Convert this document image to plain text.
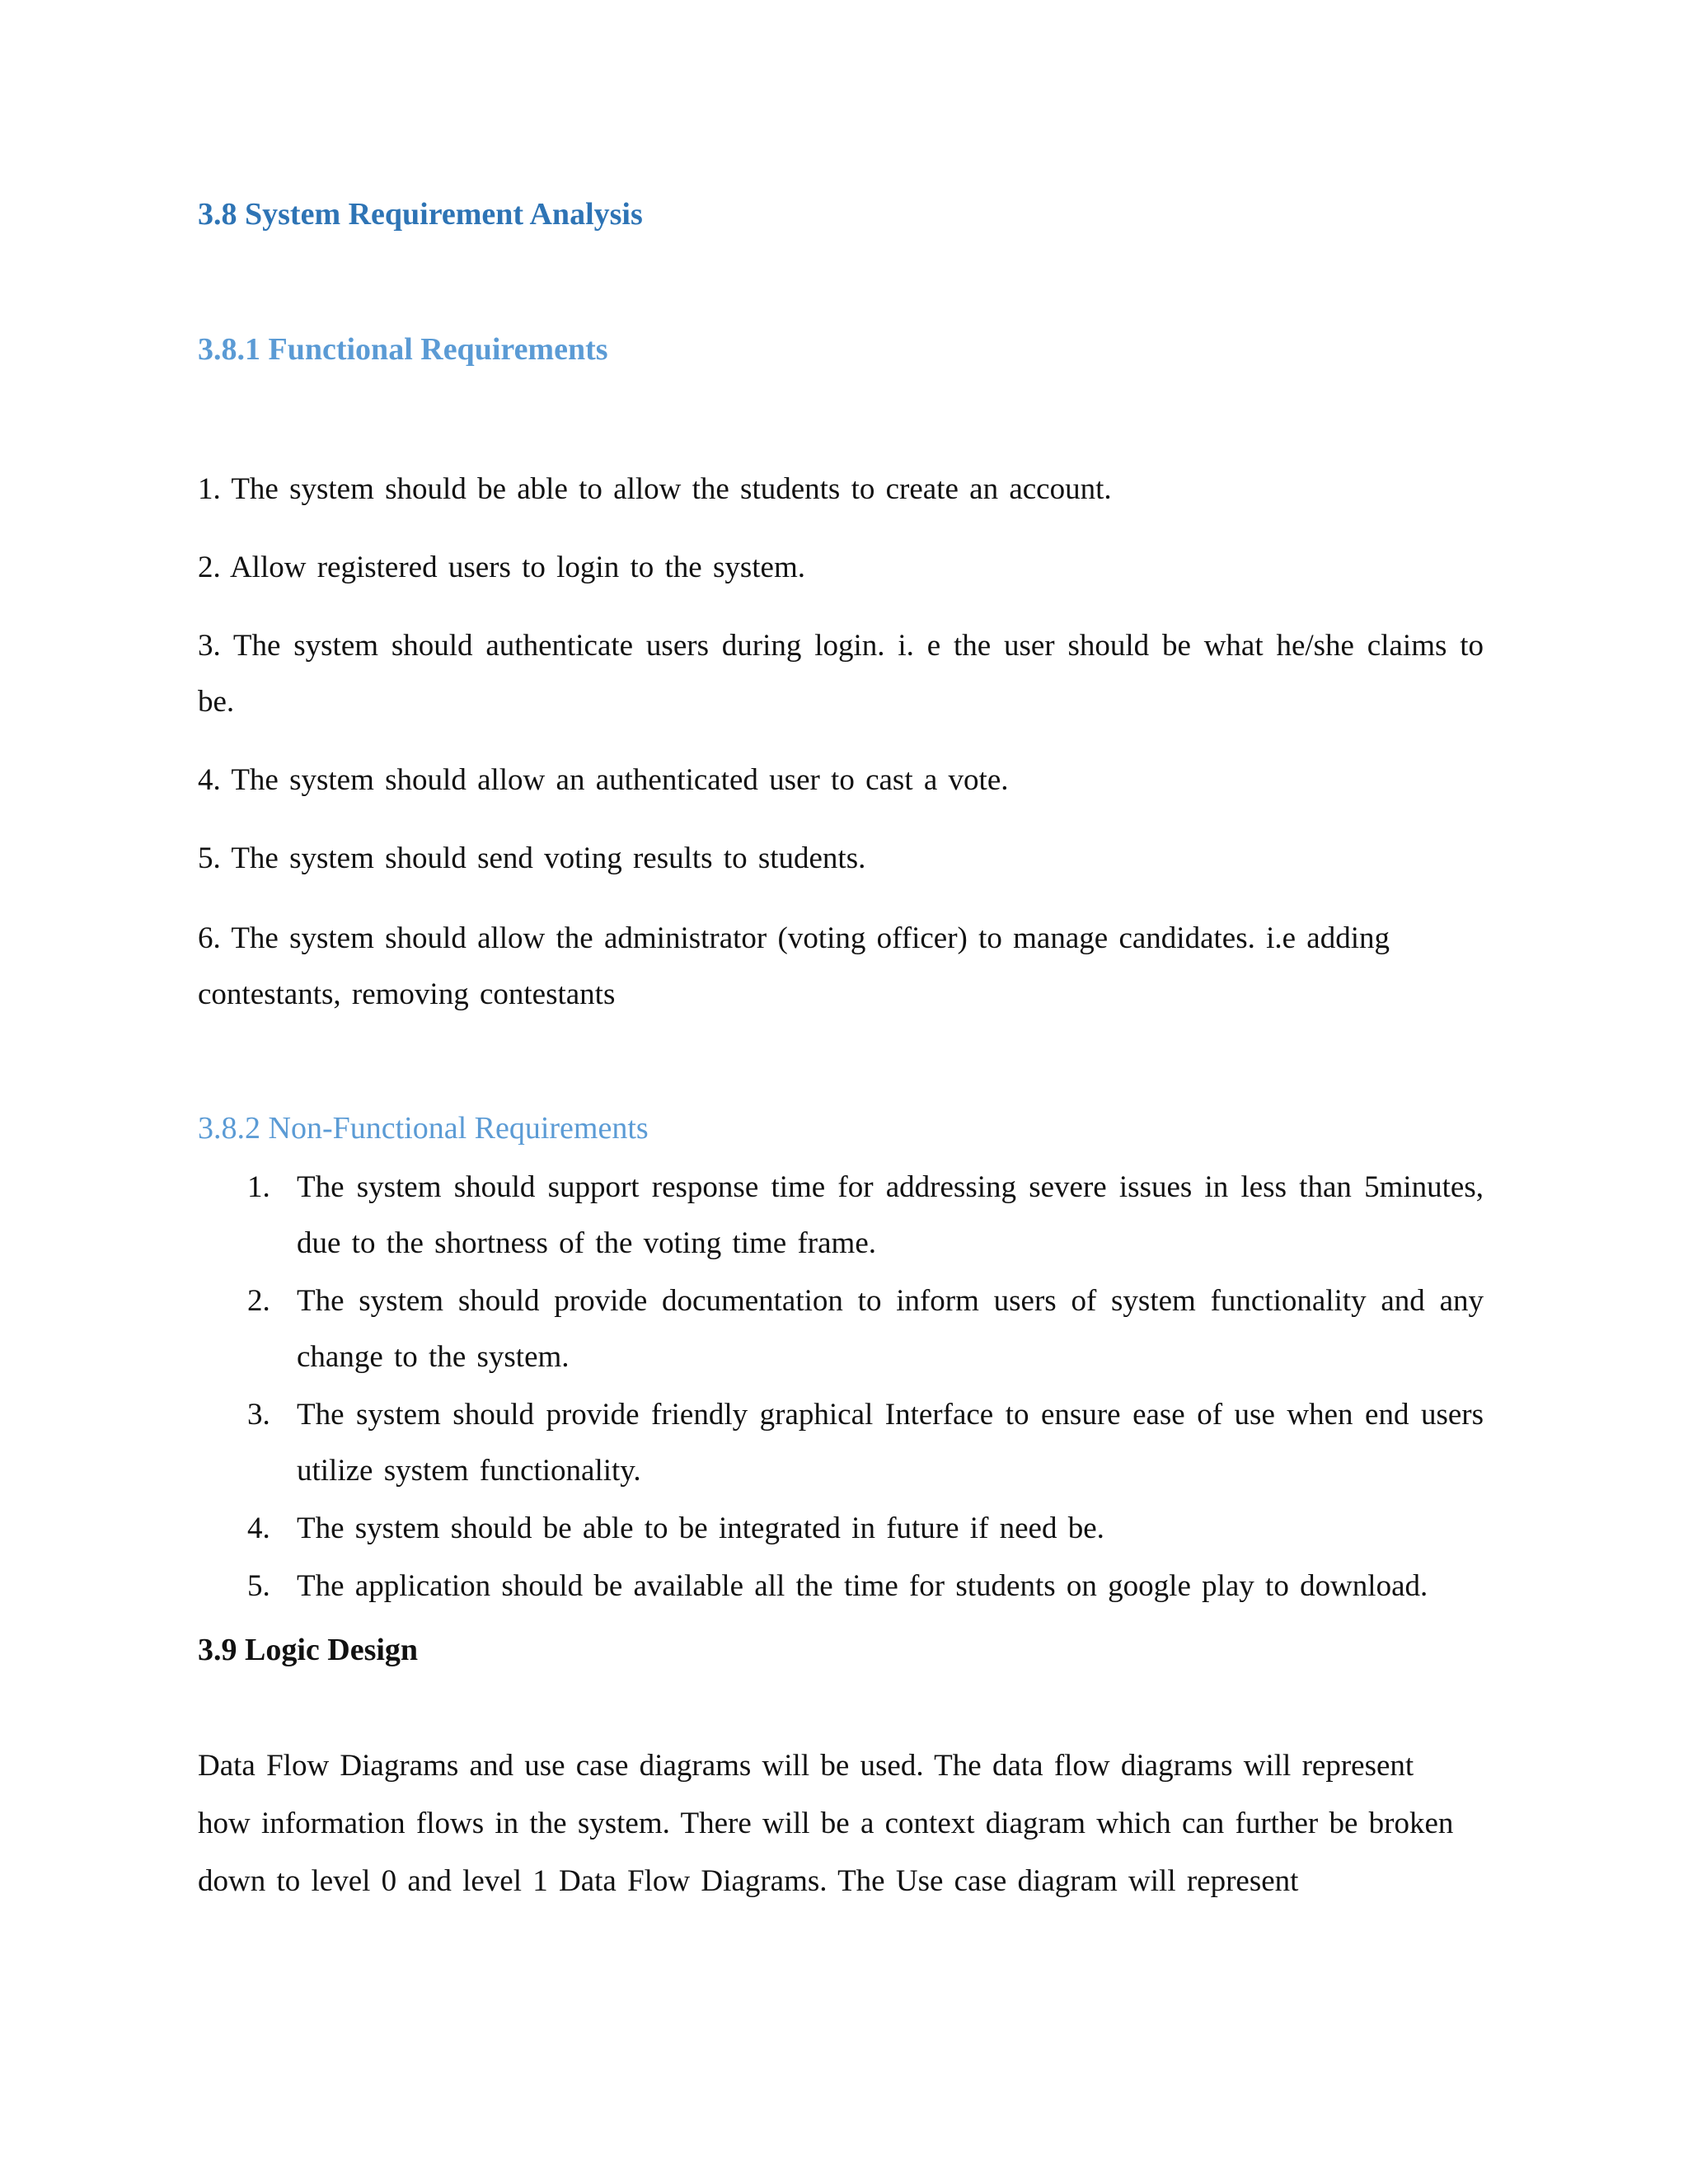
3.8 System Requirement Analysis
3.8.1 Functional Requirements

1. The system should be able to allow the students to create an account.

2. Allow registered users to login to the system.

3. The system should authenticate users during login. i. e the user should be what he/she claims to be.

4. The system should allow an authenticated user to cast a vote.

5. The system should send voting results to students.

6. The system should allow the administrator (voting officer) to manage candidates. i.e adding contestants, removing contestants

3.8.2 Non-Functional Requirements
1. The system should support response time for addressing severe issues in less than 5minutes, due to the shortness of the voting time frame.
2. The system should provide documentation to inform users of system functionality and any change to the system.
3. The system should provide friendly graphical Interface to ensure ease of use when end users utilize system functionality.
4. The system should be able to be integrated in future if need be.
5. The application should be available all the time for students on google play to download.
3.9 Logic Design

Data Flow Diagrams and use case diagrams will be used. The data flow diagrams will represent how information flows in the system. There will be a context diagram which can further be broken down to level 0 and level 1 Data Flow Diagrams. The Use case diagram will represent
